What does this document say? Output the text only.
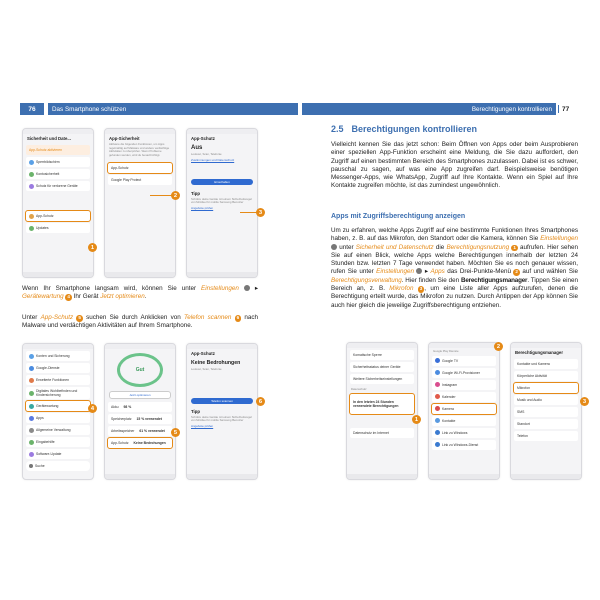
76	Das Smartphone schützen	Berechtigungen kontrollieren	77
Sicherheit und Date...
App-Schutz aktivieren
Sperrbildschirm
Kontosicherheit
Schutz für verlorene Geräte
App-Schutz
Updates
1
App-Sicherheit
Aktiviere die folgenden Funktionen, um Apps regelmäßig auf Malware und andere verdächtige Aktivitäten zu überprüfen. Wenn Probleme gefunden werden, wird du benachrichtigt.
App-Schutz
Google Play Protect
2
App-Schutz
Aus
Lookout, Scan, Telefonie
Zustimmungen und Datenschutz
Einschalten
Tipp
Schütze deine Geräte mit einem Sicherheitsregel von McAfee für mobile Samsung Benutzer
Angebote prüfen
3
Wenn Ihr Smartphone langsam wird, können Sie unter Einstellungen  ▸ Gerätewartung 4 Ihr Gerät Jetzt optimieren.
Unter App-Schutz 5 suchen Sie durch Anklicken von Telefon scannen 6 nach Malware und verdächtigen Aktivitäten auf Ihrem Smartphone.
Konten und Sicherung
Google-Dienste
Erweiterte Funktionen
Digitales Wohlbefinden und Kindersicherung
Gerätewartung
Apps
Allgemeine Verwaltung
Eingabehilfe
Software-Update
Suche
4
Gut
Jetzt optimieren
Akku
98 %
Speicherplatz
15 % verwendet
Arbeitsspeicher
61 % verwendet
App-Schutz
Keine Bedrohungen
5
App-Schutz
Keine Bedrohungen
Lookout, Scan, Telefonie
Telefon scannen
Tipp
Schütze deine Geräte mit einem Sicherheitsregel von McAfee für mobile Samsung Benutzer
Angebote prüfen
6
2.5 Berechtigungen kontrollieren
Vielleicht kennen Sie das jetzt schon: Beim Öffnen von Apps oder beim Ausprobieren einer speziellen App-Funktion erscheint eine Meldung, die Sie dazu auffordert, den Zugriff auf einen bestimmten Bereich des Smartphones zuzulassen. Dabei ist es schwer, pauschal zu sagen, auf was eine App zugreifen darf. Beispielsweise benötigen Messenger-Apps, wie WhatsApp, Zugriff auf Ihre Kontakte. Wenn ein Spiel auf Ihre Kontakte zugreifen möchte, ist das zumindest ungewöhnlich.
Apps mit Zugriffsberechtigung anzeigen
Um zu erfahren, welche Apps Zugriff auf eine bestimmte Funktionen Ihres Smartphones haben, z. B. auf das Mikrofon, den Standort oder die Kamera, können Sie Einstellungen  unter Sicherheit und Datenschutz die Berechtigungsnutzung 1 aufrufen. Hier sehen Sie auf einen Blick, welche Apps welche Berechtigungen innerhalb der letzten 24 Stunden bzw. letzten 7 Tage verwendet haben. Möchten Sie es noch genauer wissen, rufen Sie unter Einstellungen  ▸ Apps das Drei-Punkte-Menü 2 auf und wählen Sie Berechtigungsverwaltung. Hier finden Sie den Berechtigungsmanager. Tippen Sie einen Bereich an, z. B. Mikrofon 3 , um eine Liste aller Apps aufzurufen, denen die Berechtigung erteilt wurde, das Mikrofon zu nutzen. Durch Antippen der App können Sie auch hier gleich die jeweilige Zugriffsberechtigung entziehen.
Komatische Sperre
Sicherheitsstatus deiner Geräte
Weitere Sicherheitseinstellungen
Datenschutz
In den letzten 24 Stunden verwendete Berechtigungen
Datenschutz im Internet
1
Google Play Dienste
Google TV
Google Wi-Fi-Provisioner
Instagram
Kalender
Kamera
Kontakte
Link zu Windows
Link zu Windows-Dienst
2
Berechtigungsmanager
Kontakte und Kamera
Körperliche Aktivität
Mikrofon
Musik und Audio
SMS
Standort
Telefon
3
